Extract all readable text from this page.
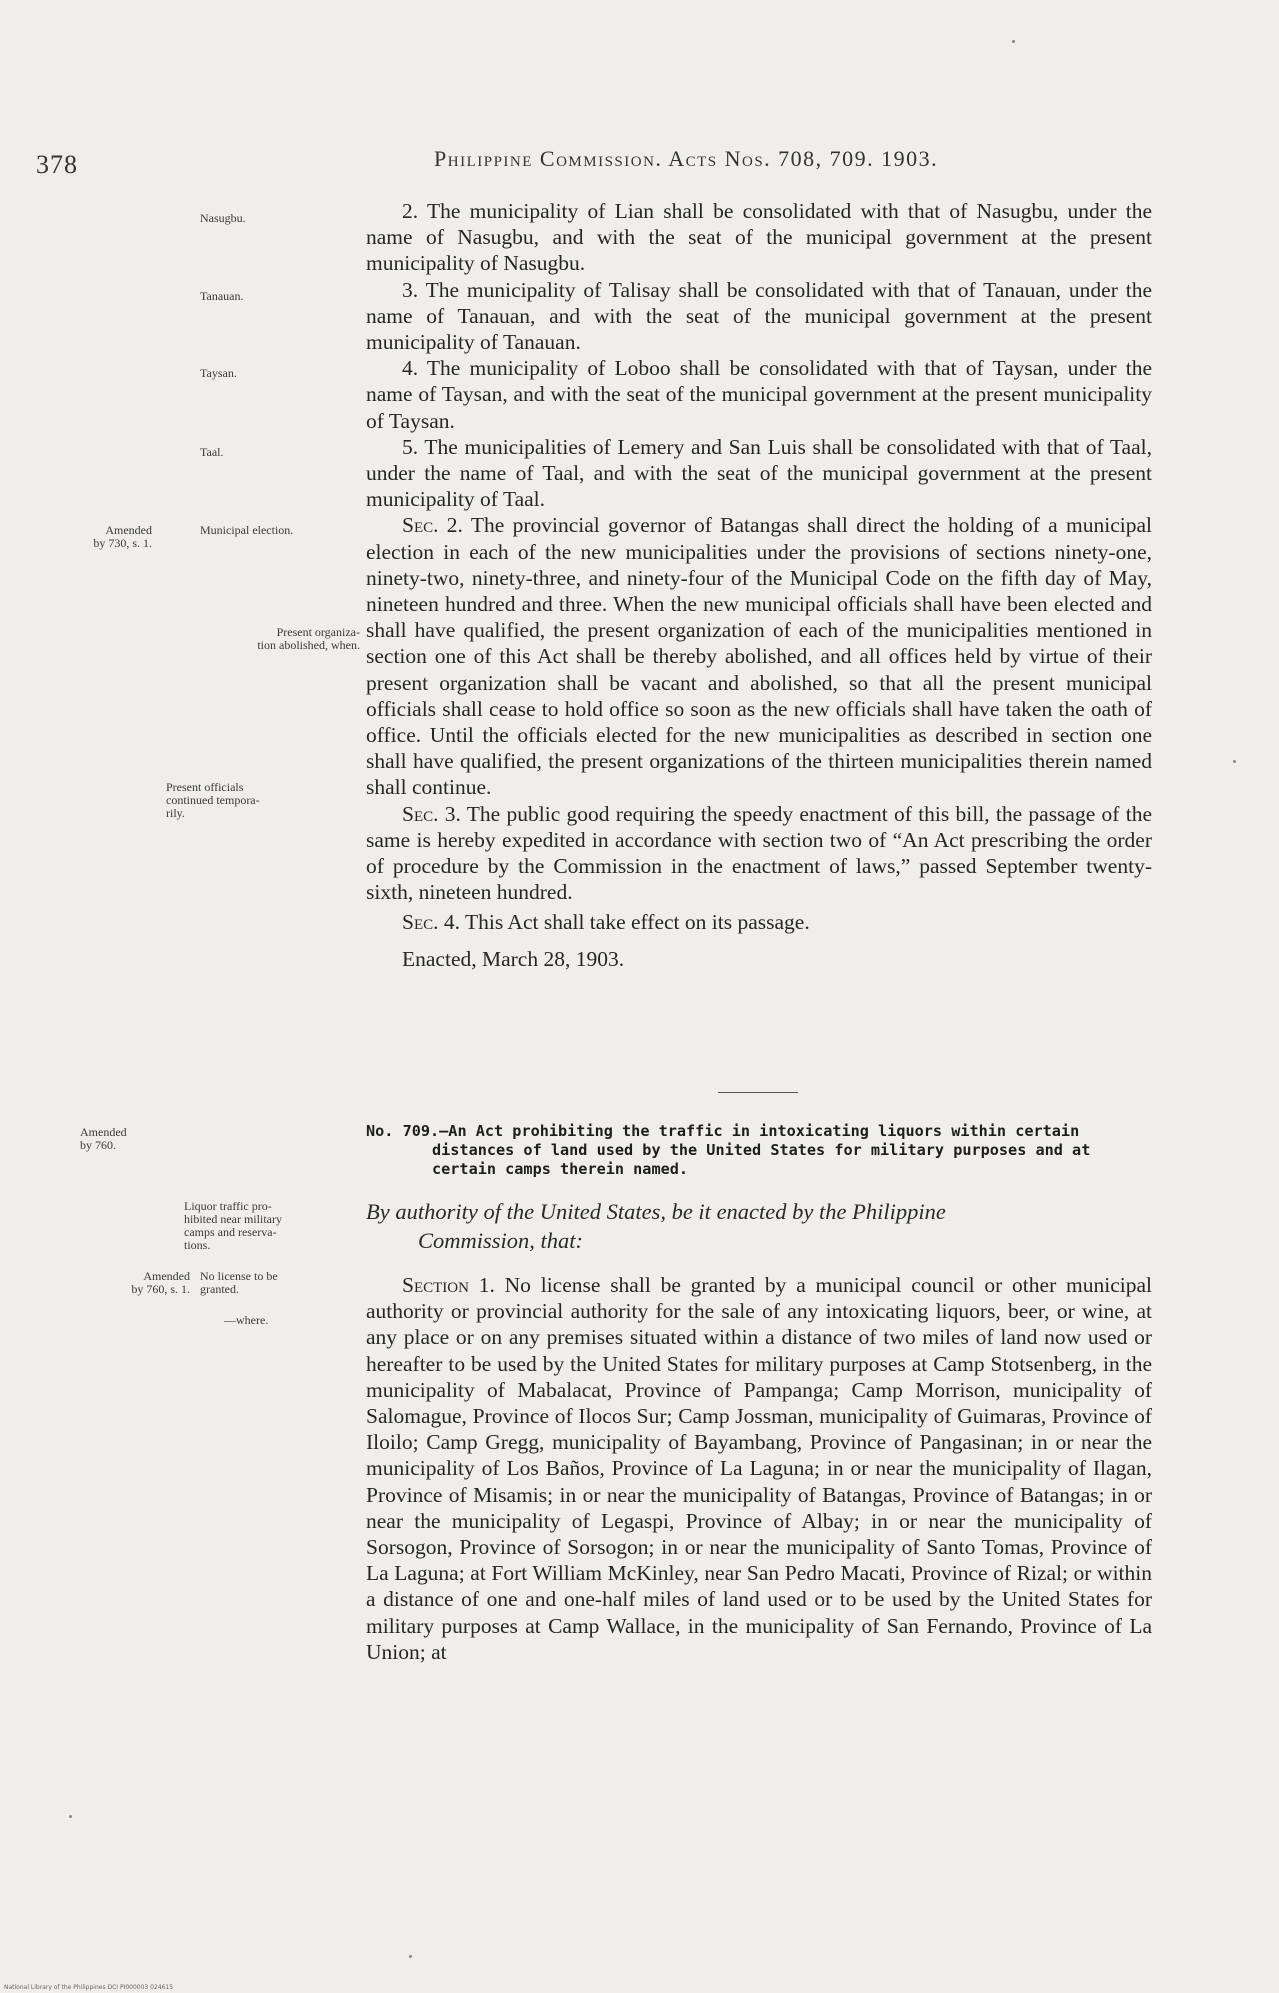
378	Philippine Commission. Acts Nos. 708, 709. 1903.
Nasugbu.
Tanauan.
Taysan.
Taal.
Municipal election.
Present organiza-
tion abolished, when.
Present officials
continued tempora-
rily.
Liquor traffic pro-
hibited near military
camps and reserva-
tions.
No license to be
granted.
—where.
Amended
by 730, s. 1.
Amended
by 760.
Amended
by 760, s. 1.

2. The municipality of Lian shall be consolidated with that of Nasugbu, under the name of Nasugbu, and with the seat of the municipal government at the present municipality of Nasugbu.

3. The municipality of Talisay shall be consolidated with that of Tanauan, under the name of Tanauan, and with the seat of the municipal government at the present municipality of Tanauan.

4. The municipality of Loboo shall be consolidated with that of Taysan, under the name of Taysan, and with the seat of the municipal government at the present municipality of Taysan.

5. The municipalities of Lemery and San Luis shall be consolidated with that of Taal, under the name of Taal, and with the seat of the municipal government at the present municipality of Taal.

Sec. 2. The provincial governor of Batangas shall direct the holding of a municipal election in each of the new municipalities under the provisions of sections ninety-one, ninety-two, ninety-three, and ninety-four of the Municipal Code on the fifth day of May, nineteen hundred and three. When the new municipal officials shall have been elected and shall have qualified, the present organization of each of the municipalities mentioned in section one of this Act shall be thereby abolished, and all offices held by virtue of their present organization shall be vacant and abolished, so that all the present municipal officials shall cease to hold office so soon as the new officials shall have taken the oath of office. Until the officials elected for the new municipalities as described in section one shall have qualified, the present organizations of the thirteen municipalities therein named shall continue.

Sec. 3. The public good requiring the speedy enactment of this bill, the passage of the same is hereby expedited in accordance with section two of “An Act prescribing the order of procedure by the Commission in the enactment of laws,” passed September twenty-sixth, nineteen hundred.

Sec. 4. This Act shall take effect on its passage.

Enacted, March 28, 1903.

No. 709.—An Act prohibiting the traffic in intoxicating liquors within certain
distances of land used by the United States for military purposes and at certain camps therein named.
By authority of the United States, be it enacted by the Philippine
Commission, that:

Section 1. No license shall be granted by a municipal council or other municipal authority or provincial authority for the sale of any intoxicating liquors, beer, or wine, at any place or on any premises situated within a distance of two miles of land now used or hereafter to be used by the United States for military purposes at Camp Stotsenberg, in the municipality of Mabalacat, Province of Pampanga; Camp Morrison, municipality of Salomague, Province of Ilocos Sur; Camp Jossman, municipality of Guimaras, Province of Iloilo; Camp Gregg, municipality of Bayambang, Province of Pangasinan; in or near the municipality of Los Baños, Province of La Laguna; in or near the municipality of Ilagan, Province of Misamis; in or near the municipality of Batangas, Province of Batangas; in or near the municipality of Legaspi, Province of Albay; in or near the municipality of Sorsogon, Province of Sorsogon; in or near the municipality of Santo Tomas, Province of La Laguna; at Fort William McKinley, near San Pedro Macati, Province of Rizal; or within a distance of one and one-half miles of land used or to be used by the United States for military purposes at Camp Wallace, in the municipality of San Fernando, Province of La Union; at

National Library of the Philippines DCI PI000003 024615
